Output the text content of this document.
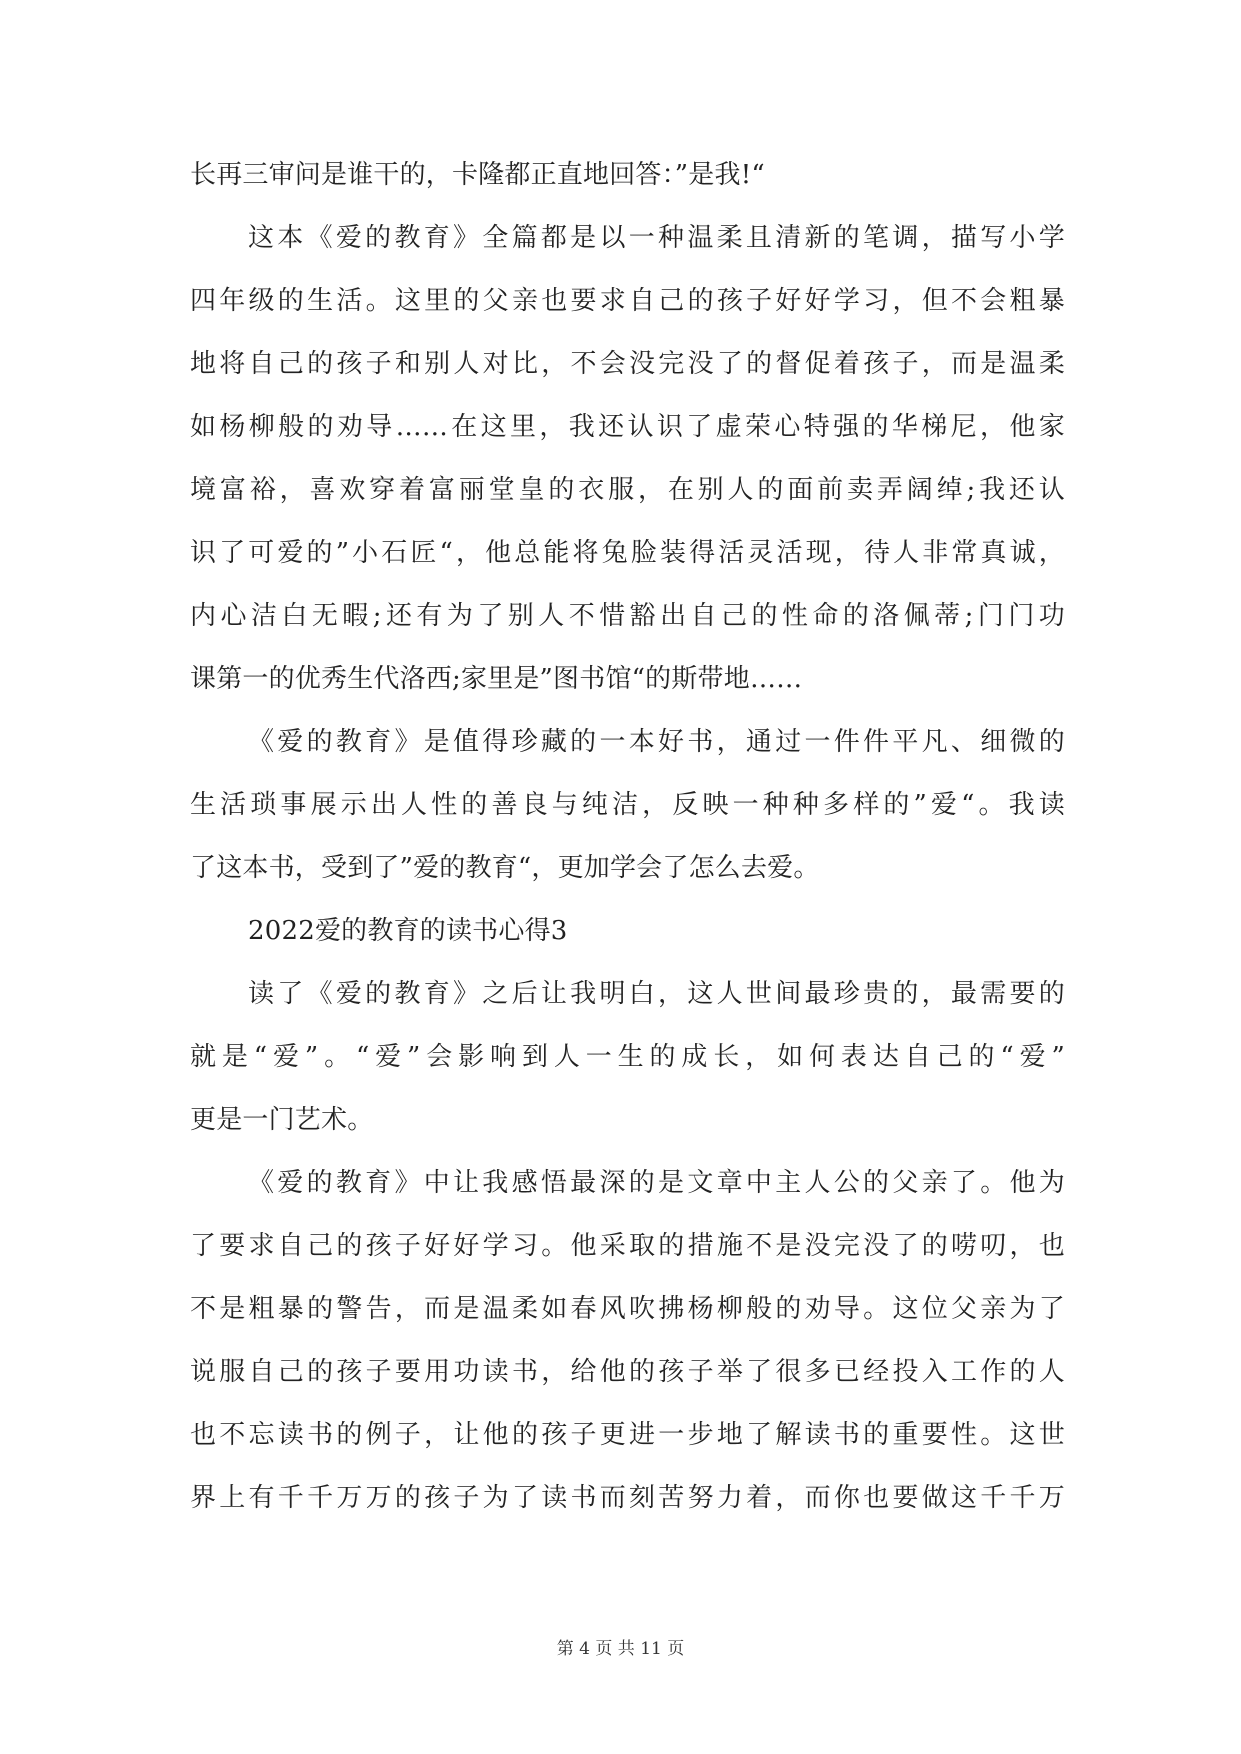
长再三审问是谁干的，卡隆都正直地回答：”是我!“
这本《爱的教育》全篇都是以一种温柔且清新的笔调，描写小学
四年级的生活。这里的父亲也要求自己的孩子好好学习，但不会粗暴
地将自己的孩子和别人对比，不会没完没了的督促着孩子，而是温柔
如杨柳般的劝导……在这里，我还认识了虚荣心特强的华梯尼，他家
境富裕，喜欢穿着富丽堂皇的衣服，在别人的面前卖弄阔绰;我还认
识了可爱的”小石匠“，他总能将兔脸装得活灵活现，待人非常真诚，
内心洁白无暇;还有为了别人不惜豁出自己的性命的洛佩蒂;门门功
课第一的优秀生代洛西;家里是”图书馆“的斯带地……
《爱的教育》是值得珍藏的一本好书，通过一件件平凡、细微的
生活琐事展示出人性的善良与纯洁，反映一种种多样的”爱“。我读
了这本书，受到了”爱的教育“，更加学会了怎么去爱。
2022爱的教育的读书心得3
读了《爱的教育》之后让我明白，这人世间最珍贵的，最需要的
就是“爱”。“爱”会影响到人一生的成长，如何表达自己的“爱”
更是一门艺术。
《爱的教育》中让我感悟最深的是文章中主人公的父亲了。他为
了要求自己的孩子好好学习。他采取的措施不是没完没了的唠叨，也
不是粗暴的警告，而是温柔如春风吹拂杨柳般的劝导。这位父亲为了
说服自己的孩子要用功读书，给他的孩子举了很多已经投入工作的人
也不忘读书的例子，让他的孩子更进一步地了解读书的重要性。这世
界上有千千万万的孩子为了读书而刻苦努力着，而你也要做这千千万
第 4 页 共 11 页
